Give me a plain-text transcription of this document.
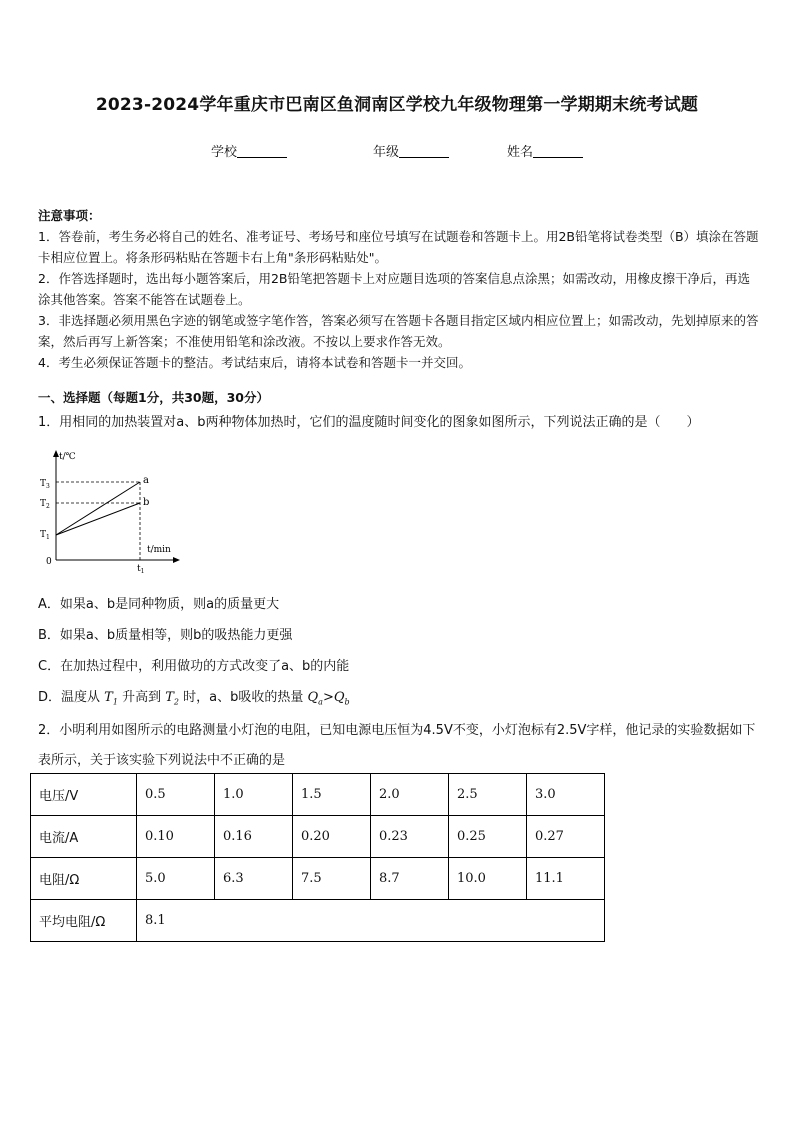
2023-2024学年重庆市巴南区鱼洞南区学校九年级物理第一学期期末统考试题
学校	年级	姓名

注意事项：

1．答卷前，考生务必将自己的姓名、准考证号、考场号和座位号填写在试题卷和答题卡上。用2B铅笔将试卷类型（B）填涂在答题卡相应位置上。将条形码粘贴在答题卡右上角"条形码粘贴处"。

2．作答选择题时，选出每小题答案后，用2B铅笔把答题卡上对应题目选项的答案信息点涂黑；如需改动，用橡皮擦干净后，再选涂其他答案。答案不能答在试题卷上。

3．非选择题必须用黑色字迹的钢笔或签字笔作答，答案必须写在答题卡各题目指定区域内相应位置上；如需改动，先划掉原来的答案，然后再写上新答案；不准使用铅笔和涂改液。不按以上要求作答无效。

4．考生必须保证答题卡的整洁。考试结束后，请将本试卷和答题卡一并交回。

一、选择题（每题1分，共30题，30分）
1．用相同的加热装置对a、b两种物体加热时，它们的温度随时间变化的图象如图所示，下列说法正确的是（　　）
t/℃
t/min
0
$T_3$
$T_2$
$T_1$
$t_1$
a
b
A．如果a、b是同种物质，则a的质量更大
B．如果a、b质量相等，则b的吸热能力更强
C．在加热过程中，利用做功的方式改变了a、b的内能
D．温度从 $T_1$ 升高到 $T_2$ 时，a、b吸收的热量 $Q_a>Q_b$
2．小明利用如图所示的电路测量小灯泡的电阻，已知电源电压恒为4.5V不变，小灯泡标有2.5V字样，他记录的实验数据如下表所示，关于该实验下列说法中不正确的是
电压/V	0.5	1.0	1.5	2.0	2.5	3.0
电流/A	0.10	0.16	0.20	0.23	0.25	0.27
电阻/Ω	5.0	6.3	7.5	8.7	10.0	11.1
平均电阻/Ω	8.1					
